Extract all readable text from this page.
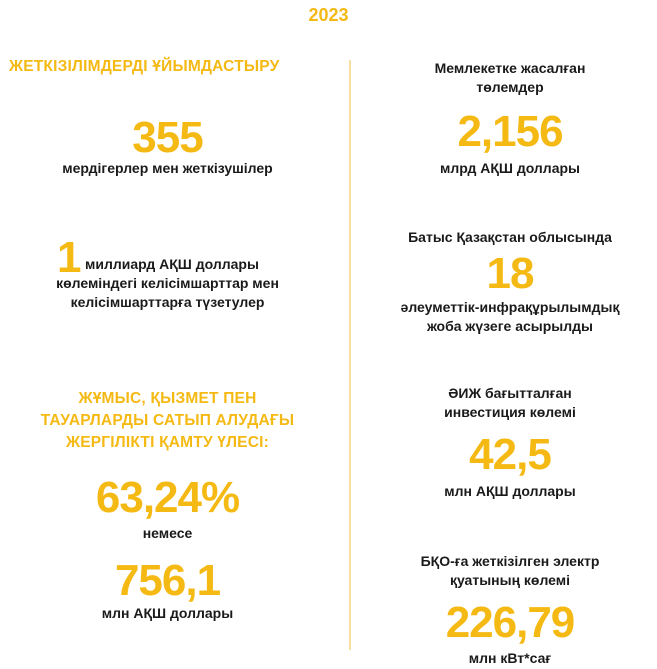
2023
ЖЕТКІЗІЛІМДЕРДІ ҰЙЫМДАСТЫРУ
355
мердігерлер мен жеткізушілер
1 миллиард АҚШ доллары
көлеміндегі келісімшарттар мен
келісімшарттарға түзетулер
ЖҰМЫС, ҚЫЗМЕТ ПЕН
ТАУАРЛАРДЫ САТЫП АЛУДАҒЫ
ЖЕРГІЛІКТІ ҚАМТУ ҮЛЕСІ:
63,24%
немесе
756,1
млн АҚШ доллары
Мемлекетке жасалған
төлемдер
2,156
млрд АҚШ доллары
Батыс Қазақстан облысында
18
әлеуметтік-инфрақұрылымдық
жоба жүзеге асырылды
ӘИЖ бағытталған
инвестиция көлемі
42,5
млн АҚШ доллары
БҚО-ға жеткізілген электр
қуатының көлемі
226,79
млн кВт*сағ
